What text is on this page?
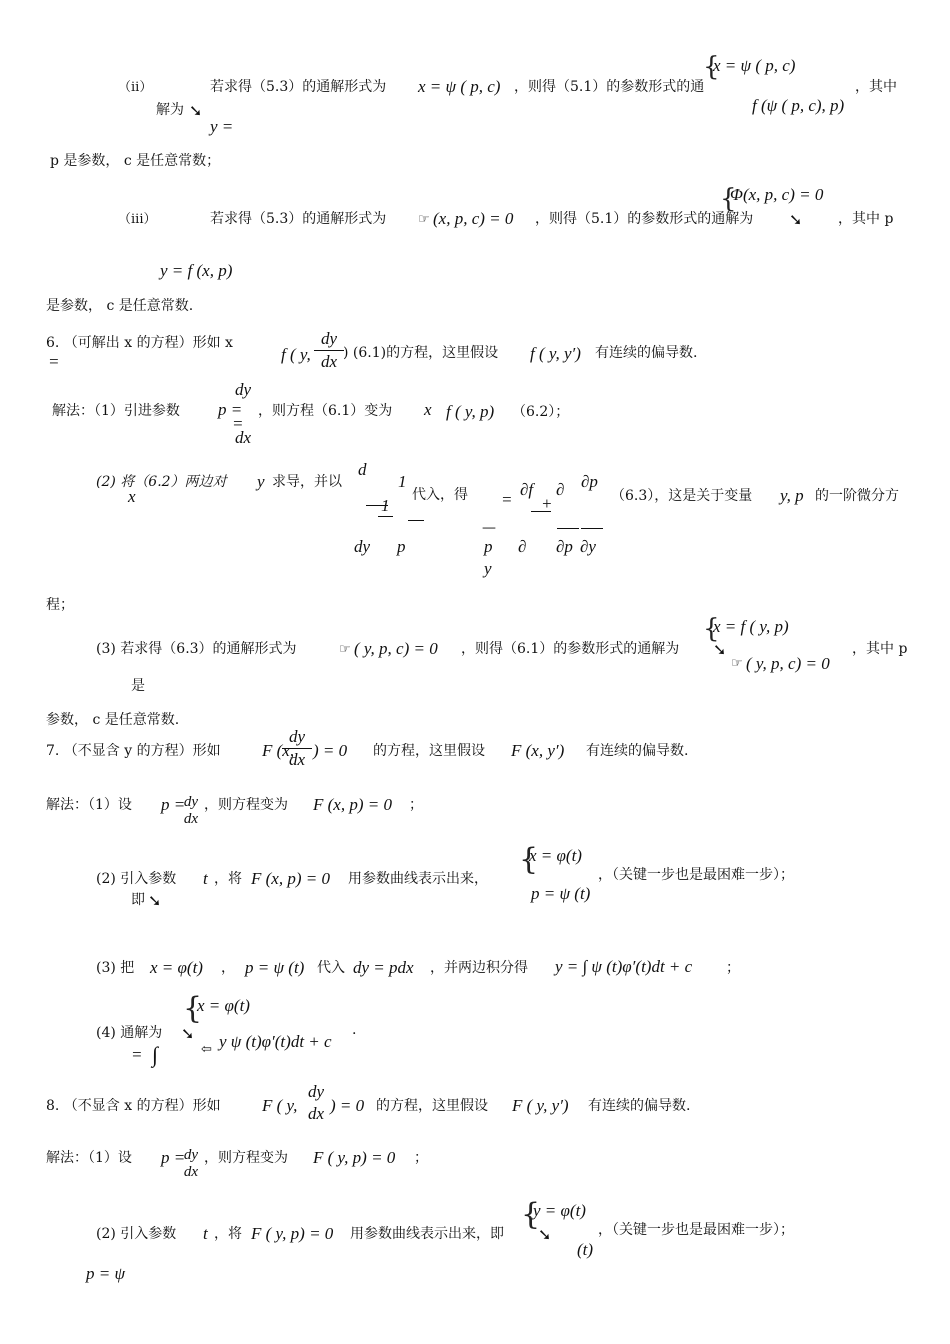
（ii）	若求得（5.3）的通解形式为 x = ψ ( p, c) ，则得（5.1）的参数形式的通
{
x = ψ ( p, c)
f (ψ ( p, c), p)
，其中
解为 ➘
y =
p 是参数， c 是任意常数；
（iii）	若求得（5.3）的通解形式为 ☞ (x, p, c) = 0 ，则得（5.1）的参数形式的通解为
{
Φ(x, p, c) = 0
➘	，其中 p
y = f (x, p)
是参数， c 是任意常数.
6. （可解出 x 的方程）形如 x
=	f ( y,
dy
dx ) (6.1)的方程，这里假设 f ( y, y′) 有连续的偏导数.
解法：（1）引进参数 p =
=
dy
dx
，则方程（6.1）变为 x f ( y, p) （6.2）；
(2) 将（6.2）两边对 y 求导，并以
d
x	1
1
dy p
代入，得 =
∂f
+
∂ ∂p
—
p
y
∂ ∂p ∂y
（6.3），这是关于变量 y, p 的一阶微分方
程；
(3) 若求得（6.3）的通解形式为	☞ ( y, p, c) = 0 ，则得（6.1）的参数形式的通解为
{
x = f ( y, p)
➘
☞ ( y, p, c) = 0
，其中 p
是
参数， c 是任意常数.
7. （不显含 y 的方程）形如 F (x,
dy
dx ) = 0 的方程，这里假设 F (x, y′) 有连续的偏导数.
解法：（1）设 p =
dy
dx
，则方程变为 F (x, p) = 0 ；
(2) 引入参数 t ，将 F (x, p) = 0 用参数曲线表示出来，
即 ➘
{
x = φ(t)
p = ψ (t)
，（关键一步也是最困难一步）；
(3) 把 x = φ(t) ， p = ψ (t) 代入 dy = pdx ，并两边积分得 y = ∫ ψ (t)φ′(t)dt + c ；
{
x = φ(t)
(4) 通解为 ➘
= ∫	⇦ y ψ (t)φ′(t)dt + c
.
8. （不显含 x 的方程）形如 F ( y,
dy
dx ) = 0 的方程，这里假设 F ( y, y′) 有连续的偏导数.
解法：（1）设 p =
dy
dx
，则方程变为 F ( y, p) = 0 ；
(2) 引入参数 t ，将 F ( y, p) = 0 用参数曲线表示出来，即 ➘
{
y = φ(t)
(t)
，（关键一步也是最困难一步）；
p = ψ
